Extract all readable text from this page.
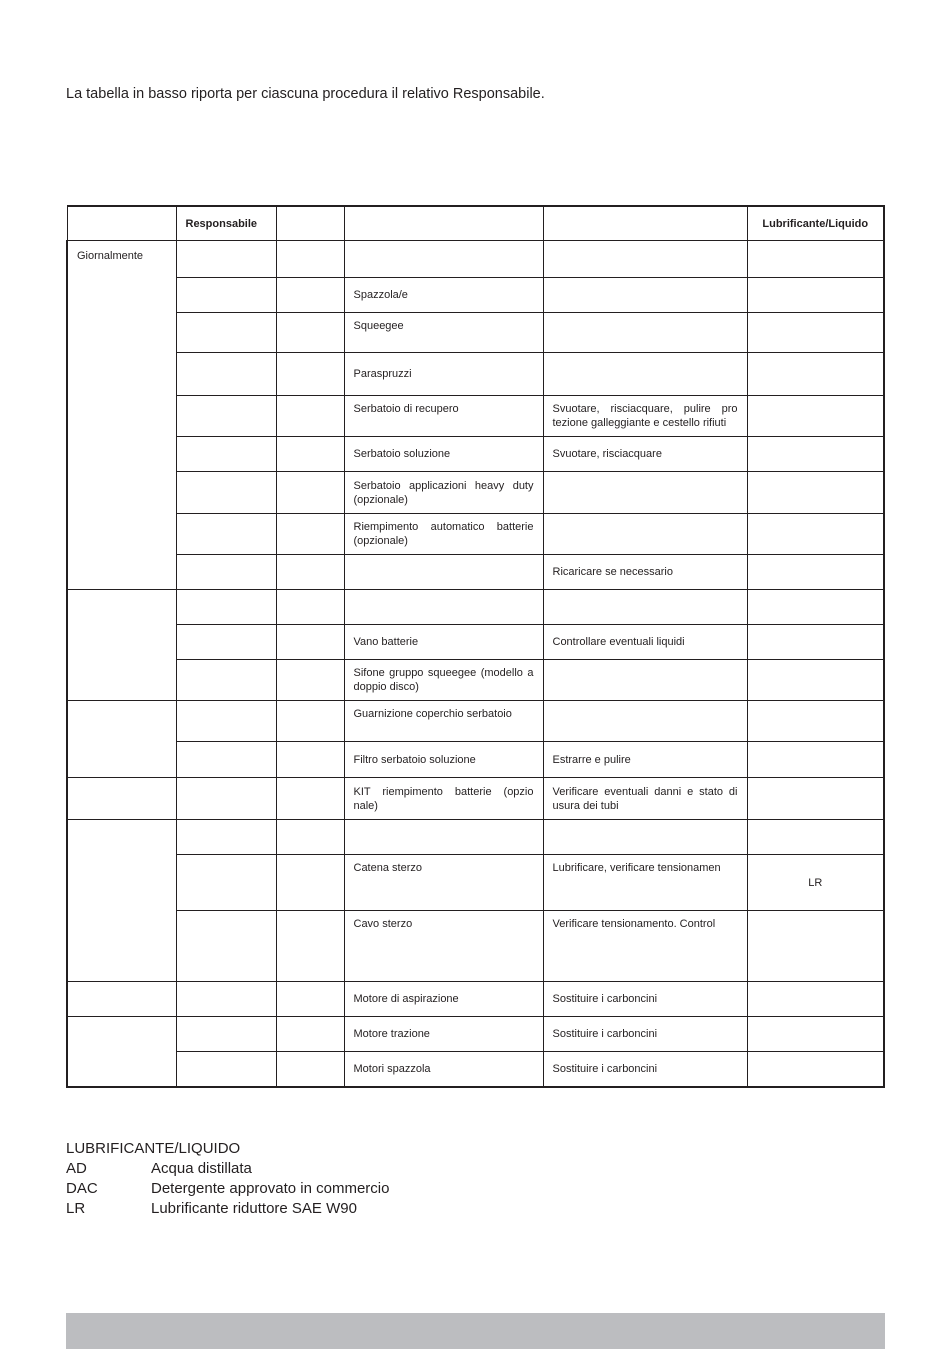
La tabella in basso riporta per ciascuna procedura il relativo Responsabile.

	Responsabile				Lubrificante/Liquido
Giornalmente					
			Spazzola/e		
			Squeegee		
			Paraspruzzi		
			Serbatoio di recupero	Svuotare, risciacquare, pulire pro tezione galleggiante e cestello rifiuti	
			Serbatoio soluzione	Svuotare, risciacquare	
			Serbatoio applicazioni heavy duty (opzionale)		
			Riempimento automatico batterie (opzionale)		
				Ricaricare se necessario	

			Vano batterie	Controllare eventuali liquidi	
			Sifone gruppo squeegee (modello a doppio disco)		
			Guarnizione coperchio serbatoio		
			Filtro serbatoio soluzione	Estrarre e pulire	
			KIT riempimento batterie (opzio nale)	Verificare eventuali danni e stato di usura dei tubi	

			Catena sterzo	Lubrificare, verificare tensionamen	LR
			Cavo sterzo	Verificare tensionamento. Control	
			Motore di aspirazione	Sostituire i carboncini	
			Motore trazione	Sostituire i carboncini	
			Motori spazzola	Sostituire i carboncini	
LUBRIFICANTE/LIQUIDO
AD	Acqua distillata
DAC	Detergente approvato in commercio
LR	Lubrificante riduttore SAE W90
